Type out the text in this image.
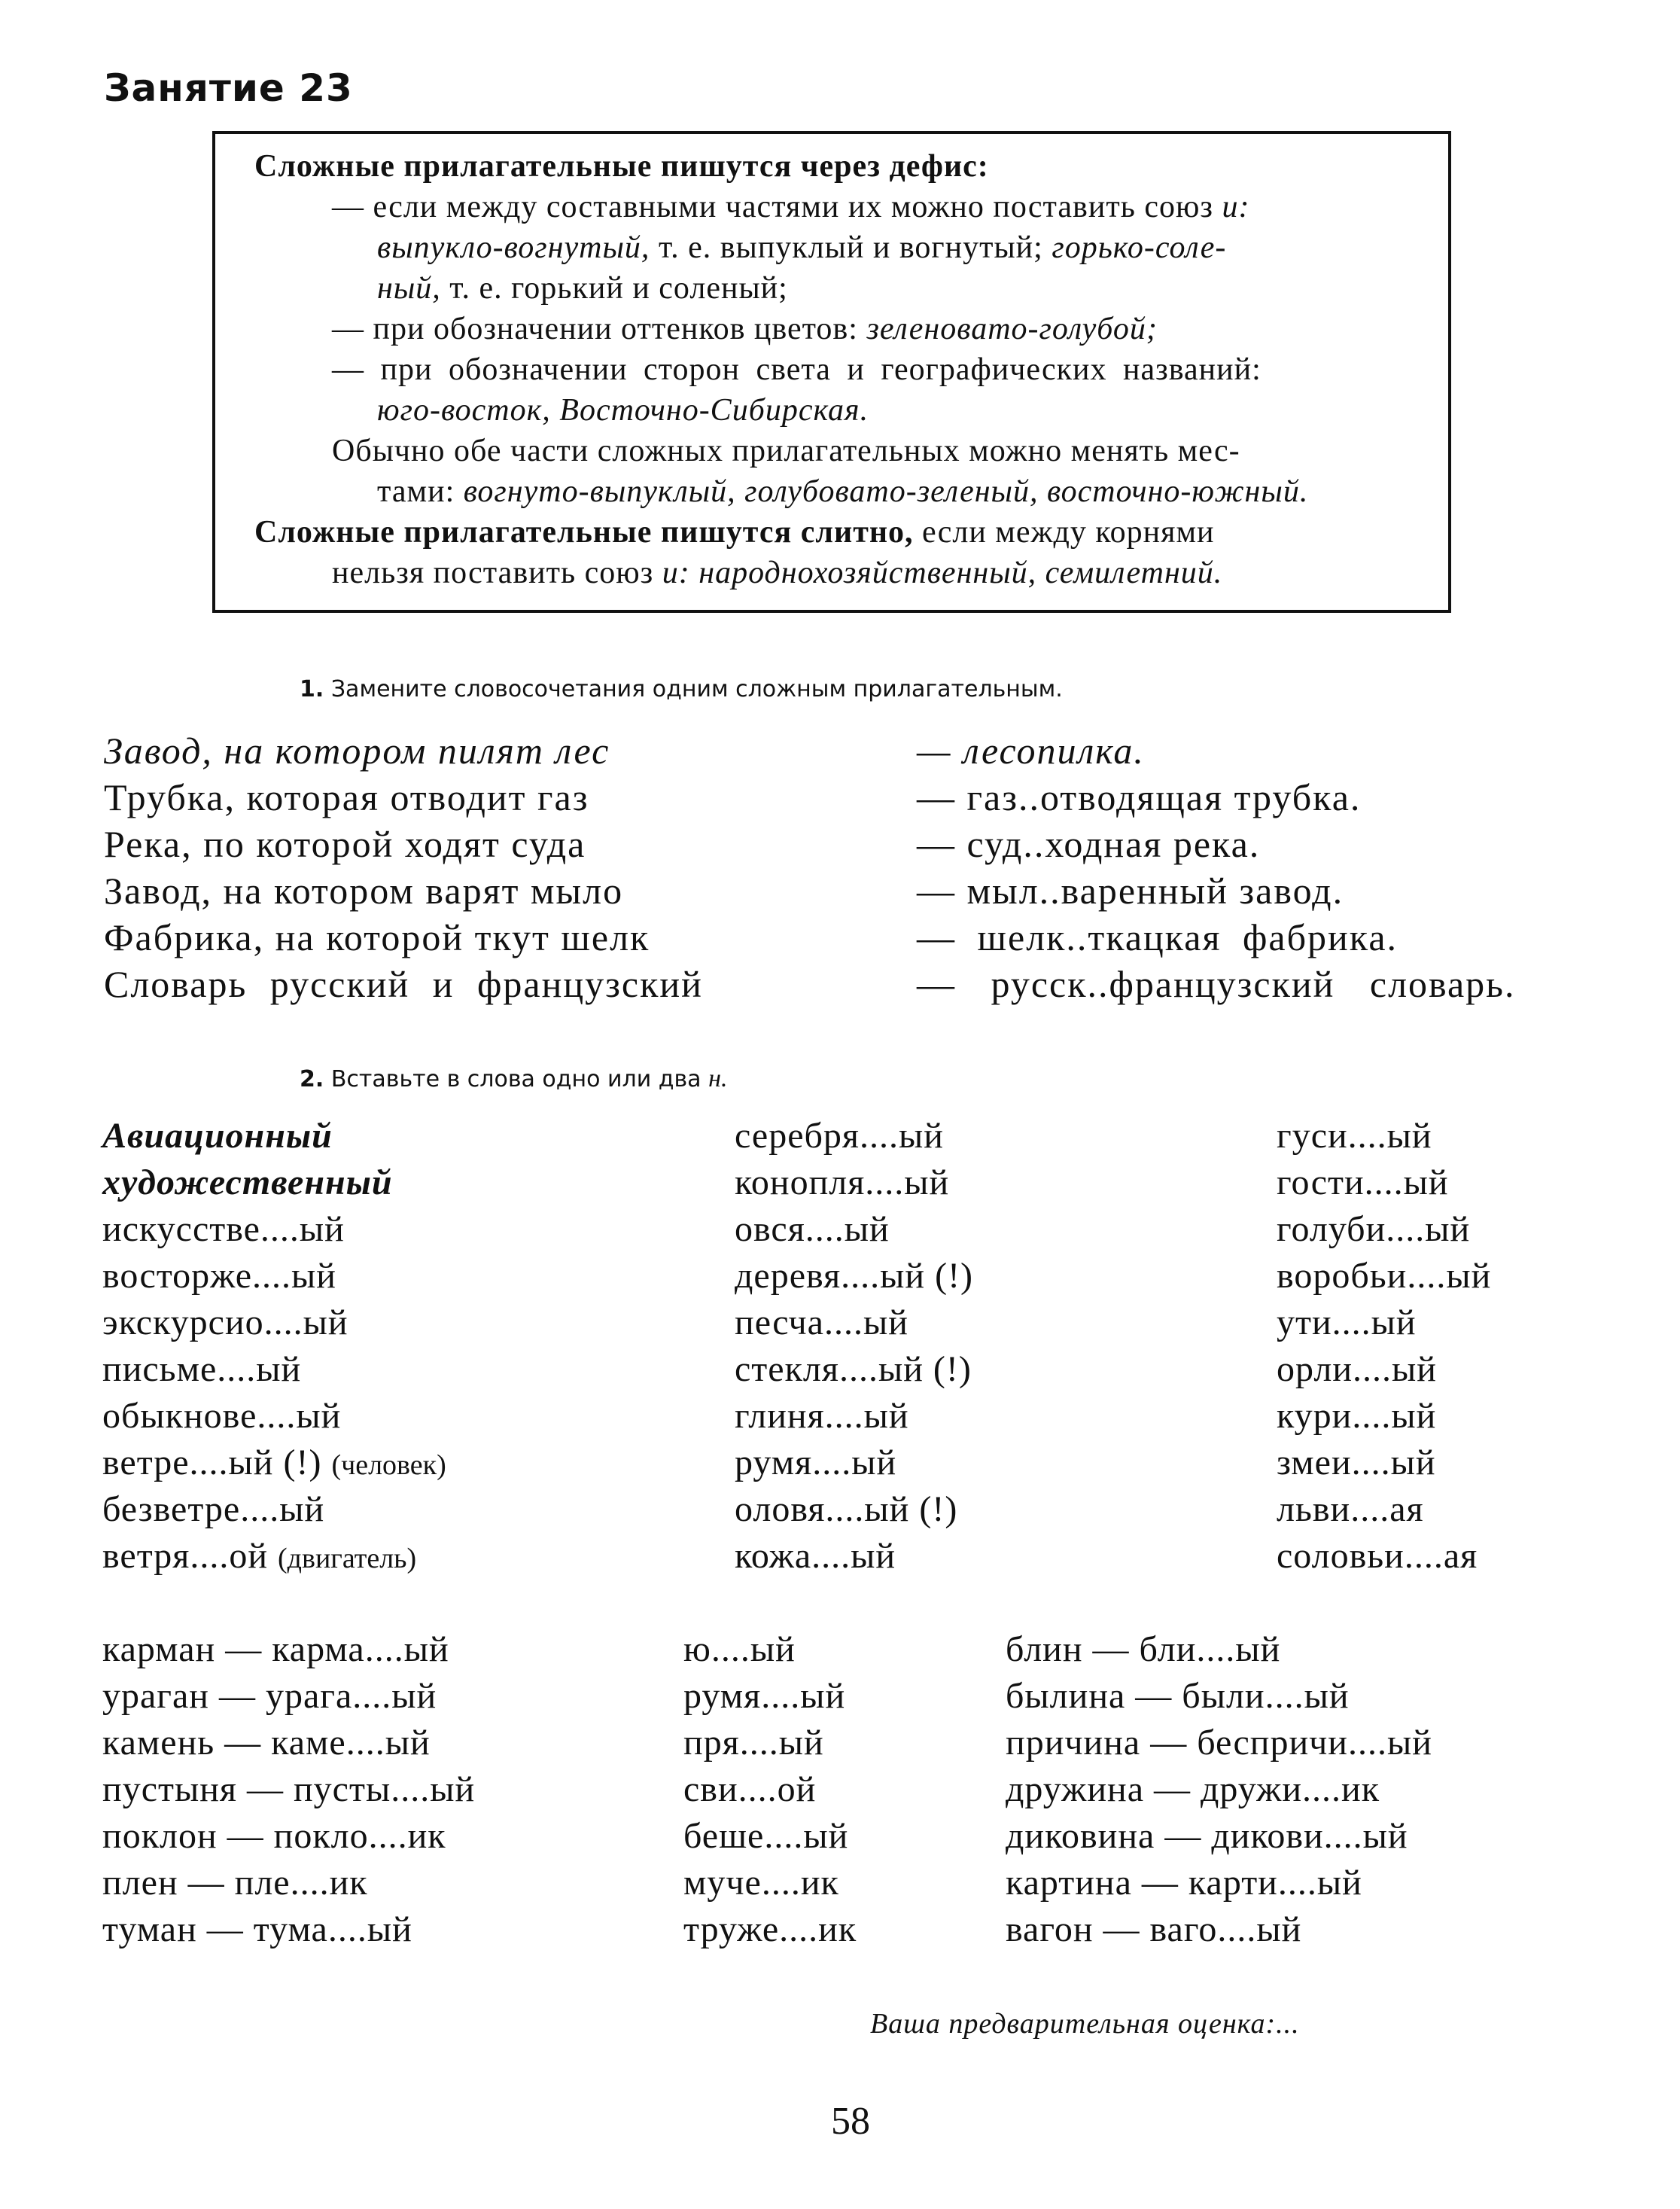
Занятие 23
Сложные прилагательные пишутся через дефис:
— если между составными частями их можно поставить союз и:
выпукло-вогнутый, т. е. выпуклый и вогнутый; горько-соле-
ный, т. е. горький и соленый;
— при обозначении оттенков цветов: зеленовато-голубой;
— при обозначении сторон света и географических названий:
юго-восток, Восточно-Сибирская.
Обычно обе части сложных прилагательных можно менять мес-
тами: вогнуто-выпуклый, голубовато-зеленый, восточно-южный.
Сложные прилагательные пишутся слитно, если между корнями
нельзя поставить союз и: народнохозяйственный, семилетний.
1. Замените словосочетания одним сложным прилагательным.
Завод, на котором пилят лес
Трубка, которая отводит газ
Река, по которой ходят суда
Завод, на котором варят мыло
Фабрика, на которой ткут шелк
Словарь русский и французский
— лесопилка.
— газ..отводящая трубка.
— суд..ходная река.
— мыл..варенный завод.
— шелк..ткацкая фабрика.
— русск..французский словарь.
2. Вставьте в слова одно или два н.
Авиационный
художественный
искусстве....ый
восторже....ый
экскурсио....ый
письме....ый
обыкнове....ый
ветре....ый (!) (человек)
безветре....ый
ветря....ой (двигатель)
серебря....ый
конопля....ый
овся....ый
деревя....ый (!)
песча....ый
стекля....ый (!)
глиня....ый
румя....ый
оловя....ый (!)
кожа....ый
гуси....ый
гости....ый
голуби....ый
воробьи....ый
ути....ый
орли....ый
кури....ый
змеи....ый
льви....ая
соловьи....ая
карман — карма....ый
ураган — урага....ый
камень — каме....ый
пустыня — пусты....ый
поклон — покло....ик
плен — пле....ик
туман — тума....ый
ю....ый
румя....ый
пря....ый
сви....ой
беше....ый
муче....ик
труже....ик
блин — бли....ый
былина — были....ый
причина — беспричи....ый
дружина — дружи....ик
диковина — дикови....ый
картина — карти....ый
вагон — ваго....ый
Ваша предварительная оценка:...
58
